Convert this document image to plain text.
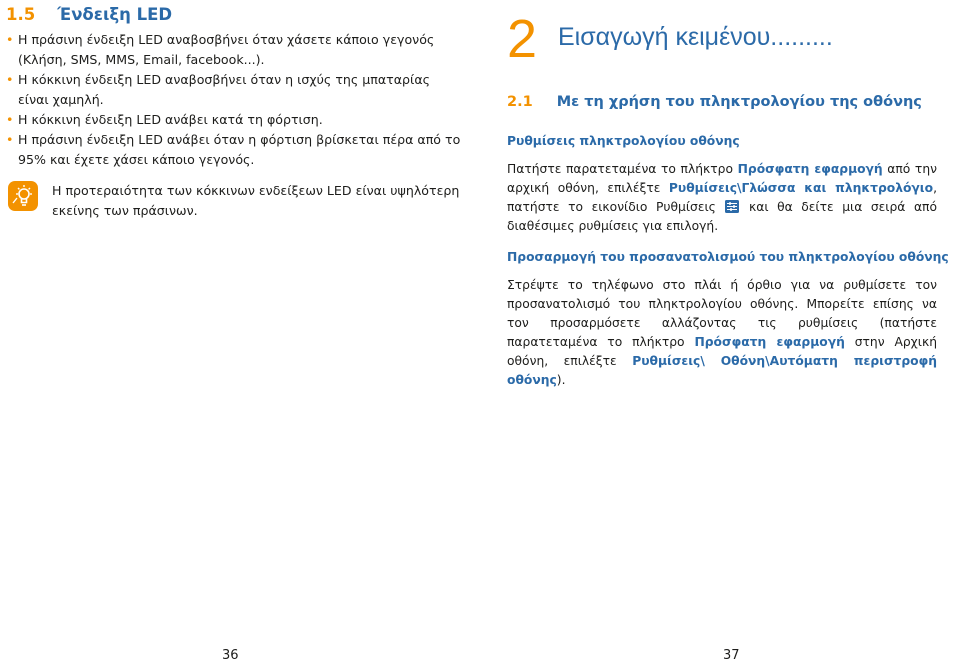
1.5 Ένδειξη LED
• Η πράσινη ένδειξη LED αναβοσβήνει όταν χάσετε κάποιο γεγονός (Κλήση, SMS, MMS, Email, facebook...).
• Η κόκκινη ένδειξη LED αναβοσβήνει όταν η ισχύς της μπαταρίας είναι χαμηλή.
• Η κόκκινη ένδειξη LED ανάβει κατά τη φόρτιση.
• Η πράσινη ένδειξη LED ανάβει όταν η φόρτιση βρίσκεται πέρα από το 95% και έχετε χάσει κάποιο γεγονός.
Η προτεραιότητα των κόκκινων ενδείξεων LED είναι υψηλότερη εκείνης των πράσινων.
36
2 Εισαγωγή κειμένου.........
2.1 Με τη χρήση του πληκτρολογίου της οθόνης
Ρυθμίσεις πληκτρολογίου οθόνης
Πατήστε παρατεταμένα το πλήκτρο Πρόσφατη εφαρμογή από την αρχική οθόνη, επιλέξτε Ρυθμίσεις\Γλώσσα και πληκτρολόγιο, πατήστε το εικονίδιο Ρυθμίσεις  και θα δείτε μια σειρά από διαθέσιμες ρυθμίσεις για επιλογή.
Προσαρμογή του προσανατολισμού του πληκτρολογίου οθόνης
Στρέψτε το τηλέφωνο στο πλάι ή όρθιο για να ρυθμίσετε τον προσανατολισμό του πληκτρολογίου οθόνης. Μπορείτε επίσης να τον προσαρμόσετε αλλάζοντας τις ρυθμίσεις (πατήστε παρατεταμένα το πλήκτρο Πρόσφατη εφαρμογή στην Αρχική οθόνη, επιλέξτε Ρυθμίσεις\ Οθόνη\Αυτόματη περιστροφή οθόνης).
37
